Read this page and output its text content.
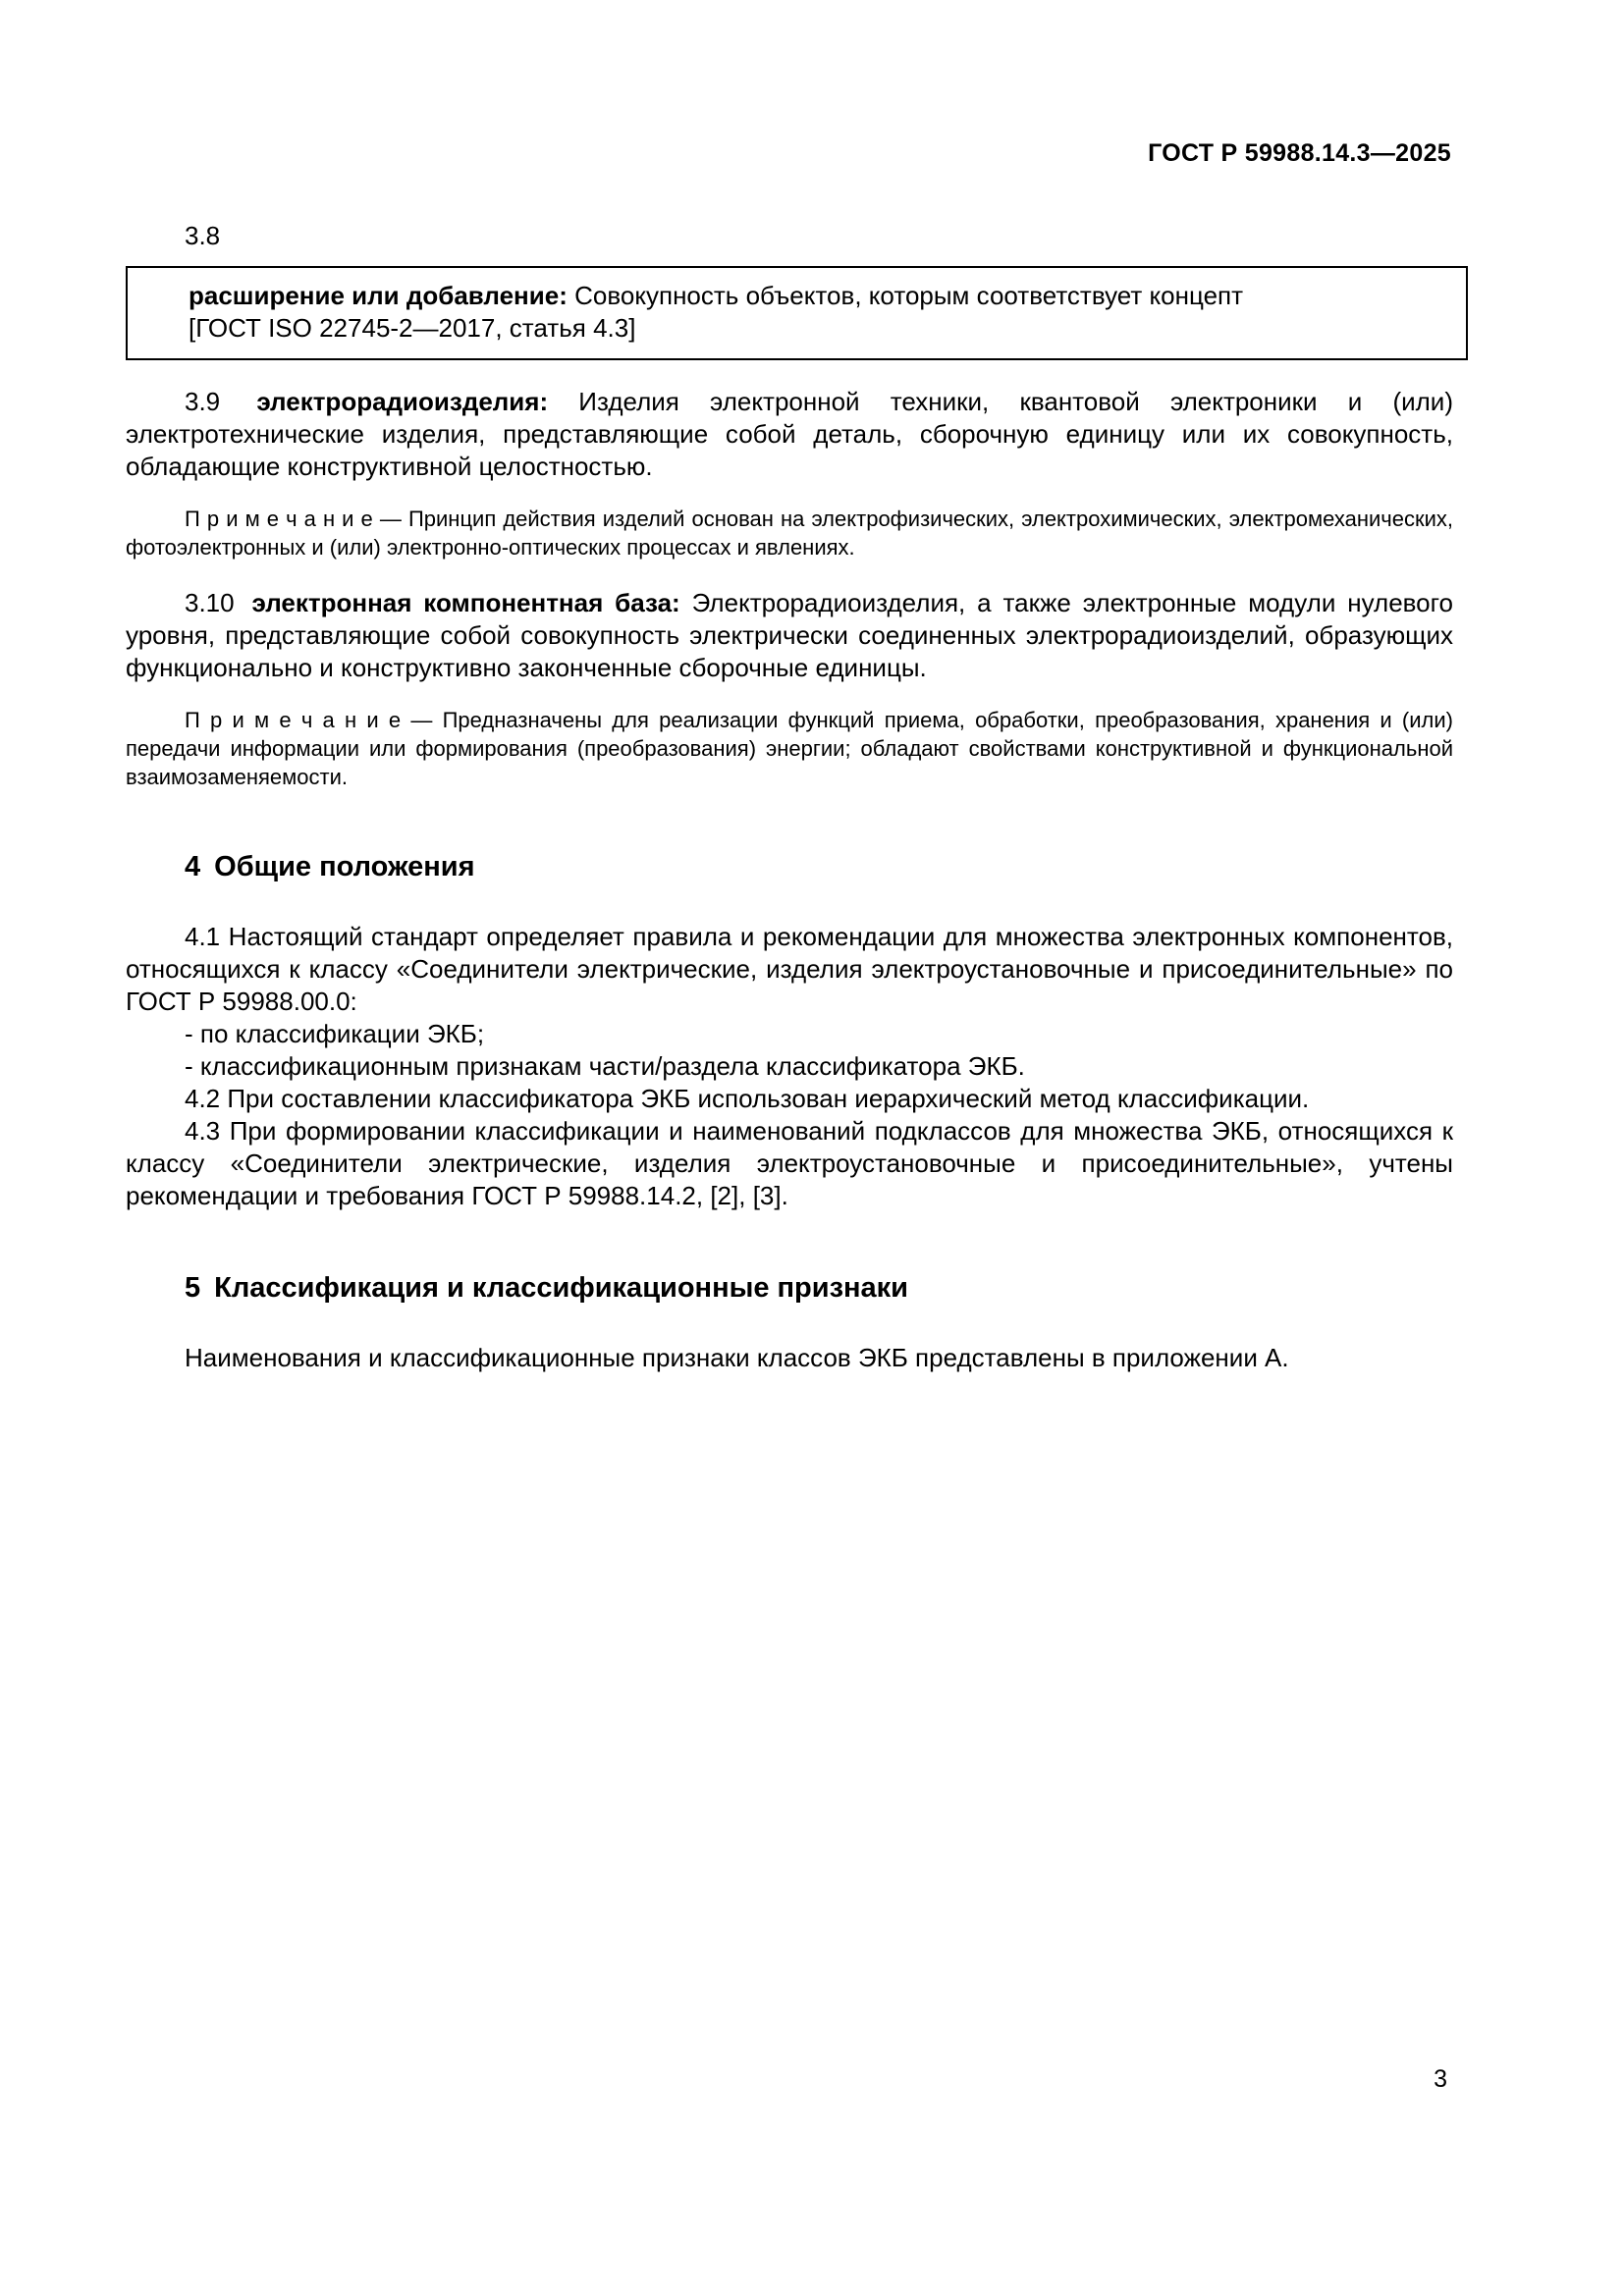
ГОСТ Р 59988.14.3—2025

3.8

расширение или добавление: Совокупность объектов, которым соответствует концепт

[ГОСТ ISO 22745-2—2017, статья 4.3]

3.9 электрорадиоизделия: Изделия электронной техники, квантовой электроники и (или) электротехнические изделия, представляющие собой деталь, сборочную единицу или их совокупность, обладающие конструктивной целостностью.

П р и м е ч а н и е — Принцип действия изделий основан на электрофизических, электрохимических, электромеханических, фотоэлектронных и (или) электронно-оптических процессах и явлениях.

3.10 электронная компонентная база: Электрорадиоизделия, а также электронные модули нулевого уровня, представляющие собой совокупность электрически соединенных электрорадиоизделий, образующих функционально и конструктивно законченные сборочные единицы.

П р и м е ч а н и е — Предназначены для реализации функций приема, обработки, преобразования, хранения и (или) передачи информации или формирования (преобразования) энергии; обладают свойствами конструктивной и функциональной взаимозаменяемости.

4 Общие положения

4.1 Настоящий стандарт определяет правила и рекомендации для множества электронных компонентов, относящихся к классу «Соединители электрические, изделия электроустановочные и присоединительные» по ГОСТ Р 59988.00.0:

- по классификации ЭКБ;

- классификационным признакам части/раздела классификатора ЭКБ.

4.2 При составлении классификатора ЭКБ использован иерархический метод классификации.

4.3 При формировании классификации и наименований подклассов для множества ЭКБ, относящихся к классу «Соединители электрические, изделия электроустановочные и присоединительные», учтены рекомендации и требования ГОСТ Р 59988.14.2, [2], [3].

5 Классификация и классификационные признаки

Наименования и классификационные признаки классов ЭКБ представлены в приложении А.

3
